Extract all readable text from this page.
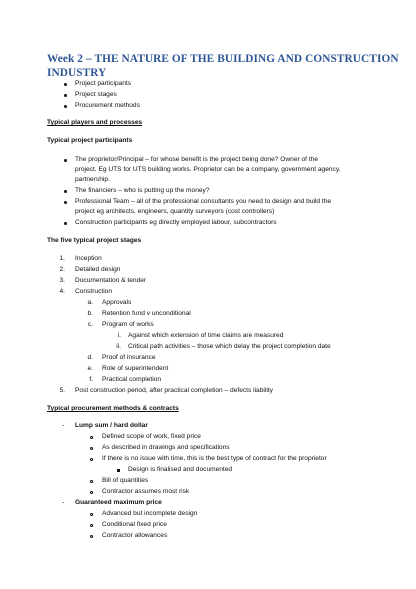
Week 2 – THE NATURE OF THE BUILDING AND CONSTRUCTION
INDUSTRY
Project participants
Project stages
Procurement methods
Typical players and processes
Typical project participants
The proprietor/Principal – for whose benefit is the project being done? Owner of the
project. Eg UTS for UTS building works. Proprietor can be a company, government agency,
partnership.
The financiers – who is putting up the money?
Professional Team – all of the professional consultants you need to design and build the
project eg architects, engineers, quantity surveyors (cost controllers)
Construction participants eg directly employed labour, subcontractors
The five typical project stages
1. Inception
2. Detailed design
3. Documentation & tender
4. Construction
a. Approvals
b. Retention fund v unconditional
c. Program of works
i. Against which extension of time claims are measured
ii. Critical path activities – those which delay the project completion date
d. Proof of insurance
e. Role of superintendent
f. Practical completion
5. Post construction period, after practical completion – defects liability
Typical procurement methods & contracts
- Lump sum / hard dollar
Defined scope of work, fixed price
As described in drawings and specifications
If there is no issue with time, this is the best type of contract for the proprietor
Design is finalised and documented
Bill of quantities
Contractor assumes most risk
- Guaranteed maximum price
Advanced but incomplete design
Conditional fixed price
Contractor allowances
